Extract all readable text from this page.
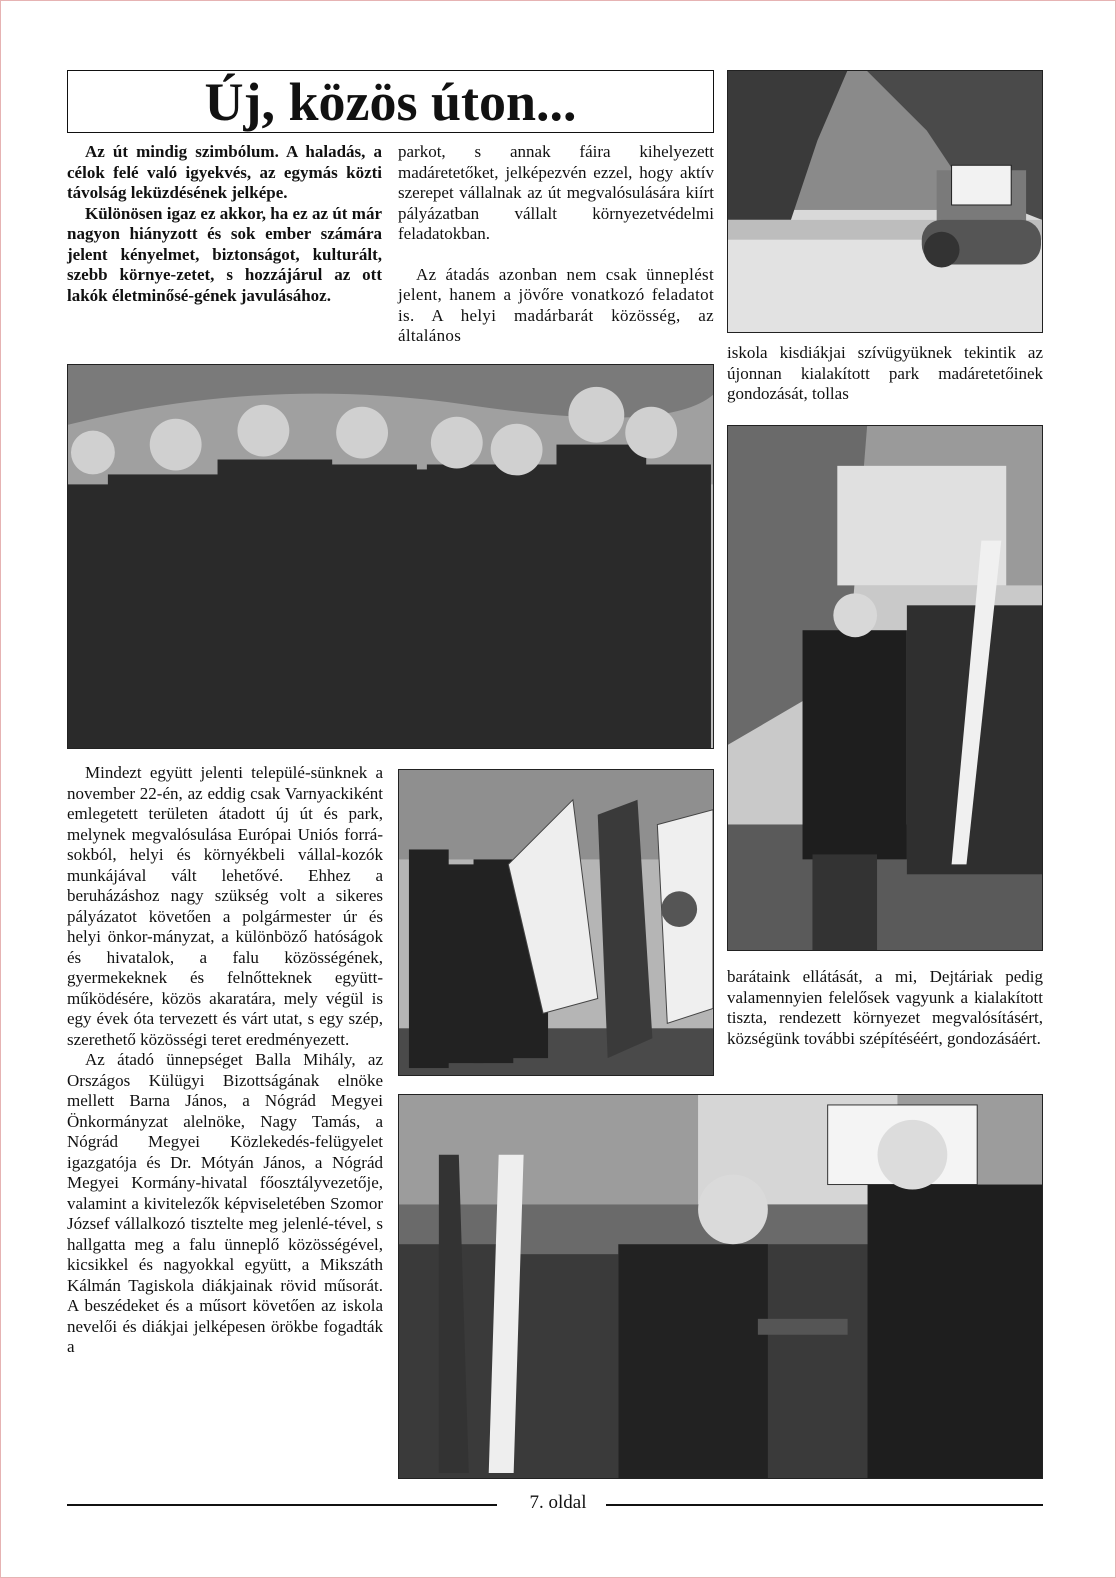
Új, közös úton...

Az út mindig szimbólum. A haladás, a célok felé való igyekvés, az egymás közti távolság leküzdésének jelképe.

Különösen igaz ez akkor, ha ez az út már nagyon hiányzott és sok ember számára jelent kényelmet, biztonságot, kulturált, szebb környe-zetet, s hozzájárul az ott lakók életminősé-gének javulásához.

parkot, s annak fáira kihelyezett madáretetőket, jelképezvén ezzel, hogy aktív szerepet vállalnak az út megvalósulására kiírt pályázatban vállalt környezetvédelmi feladatokban.

Az átadás azonban nem csak ünneplést jelent, hanem a jövőre vonatkozó feladatot is. A helyi madárbarát közösség, az általános

iskola kisdiákjai szívügyüknek tekintik az újonnan kialakított park madáretetőinek gondozását, tollas

Mindezt együtt jelenti települé-sünknek a november 22-én, az eddig csak Varnyackiként emlegetett területen átadott új út és park, melynek megvalósulása Európai Uniós forrá-sokból, helyi és környékbeli vállal-kozók munkájával vált lehetővé. Ehhez a beruházáshoz nagy szükség volt a sikeres pályázatot követően a polgármester úr és helyi önkor-mányzat, a különböző hatóságok és hivatalok, a falu közösségének, gyermekeknek és felnőtteknek együtt-működésére, közös akaratára, mely végül is egy évek óta tervezett és várt utat, s egy szép, szerethető közösségi teret eredményezett.

Az átadó ünnepséget Balla Mihály, az Országos Külügyi Bizottságának elnöke mellett Barna János, a Nógrád Megyei Önkormányzat alelnöke, Nagy Tamás, a Nógrád Megyei Közlekedés-felügyelet igazgatója és Dr. Mótyán János, a Nógrád Megyei Kormány-hivatal főosztályvezetője, valamint a kivitelezők képviseletében Szomor József vállalkozó tisztelte meg jelenlé-tével, s hallgatta meg a falu ünneplő közösségével, kicsikkel és nagyokkal együtt, a Mikszáth Kálmán Tagiskola diákjainak rövid műsorát. A beszédeket és a műsort követően az iskola nevelői és diákjai jelképesen örökbe fogadták a

barátaink ellátását, a mi, Dejtáriak pedig valamennyien felelősek vagyunk a kialakított tiszta, rendezett környezet megvalósításért, községünk további szépítéséért, gondozásáért.

7. oldal
